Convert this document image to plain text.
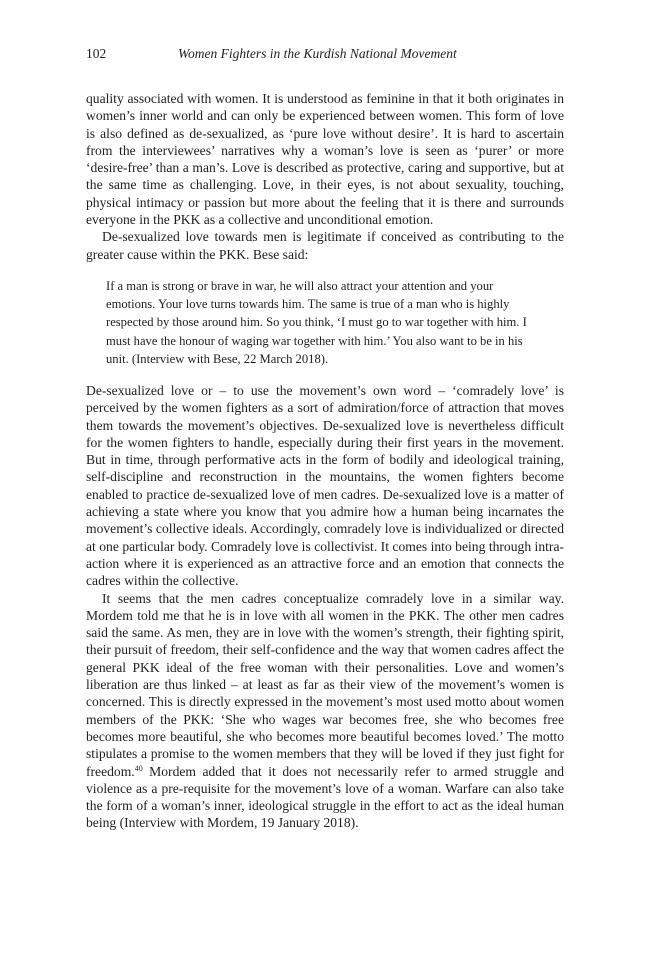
102	Women Fighters in the Kurdish National Movement

quality associated with women. It is understood as feminine in that it both originates in women’s inner world and can only be experienced between women. This form of love is also defined as de-sexualized, as ‘pure love without desire’. It is hard to ascertain from the interviewees’ narratives why a woman’s love is seen as ‘purer’ or more ‘desire-free’ than a man’s. Love is described as protective, caring and supportive, but at the same time as challenging. Love, in their eyes, is not about sexuality, touching, physical intimacy or passion but more about the feeling that it is there and surrounds everyone in the PKK as a collective and unconditional emotion.

De-sexualized love towards men is legitimate if conceived as contributing to the greater cause within the PKK. Bese said:

If a man is strong or brave in war, he will also attract your attention and your emotions. Your love turns towards him. The same is true of a man who is highly respected by those around him. So you think, ‘I must go to war together with him. I must have the honour of waging war together with him.’ You also want to be in his unit. (Interview with Bese, 22 March 2018).

De-sexualized love or – to use the movement’s own word – ‘comradely love’ is perceived by the women fighters as a sort of admiration/force of attraction that moves them towards the movement’s objectives. De-sexualized love is nevertheless difficult for the women fighters to handle, especially during their first years in the movement. But in time, through performative acts in the form of bodily and ideological training, self-discipline and reconstruction in the mountains, the women fighters become enabled to practice de-sexualized love of men cadres. De-sexualized love is a matter of achieving a state where you know that you admire how a human being incarnates the movement’s collective ideals. Accordingly, comradely love is individualized or directed at one particular body. Comradely love is collectivist. It comes into being through intra-action where it is experienced as an attractive force and an emotion that connects the cadres within the collective.

It seems that the men cadres conceptualize comradely love in a similar way. Mordem told me that he is in love with all women in the PKK. The other men cadres said the same. As men, they are in love with the women’s strength, their fighting spirit, their pursuit of freedom, their self-confidence and the way that women cadres affect the general PKK ideal of the free woman with their personalities. Love and women’s liberation are thus linked – at least as far as their view of the movement’s women is concerned. This is directly expressed in the movement’s most used motto about women members of the PKK: ‘She who wages war becomes free, she who becomes free becomes more beautiful, she who becomes more beautiful becomes loved.’ The motto stipulates a promise to the women members that they will be loved if they just fight for freedom.$^{40}$ Mordem added that it does not necessarily refer to armed struggle and violence as a pre-requisite for the movement’s love of a woman. Warfare can also take the form of a woman’s inner, ideological struggle in the effort to act as the ideal human being (Interview with Mordem, 19 January 2018).
